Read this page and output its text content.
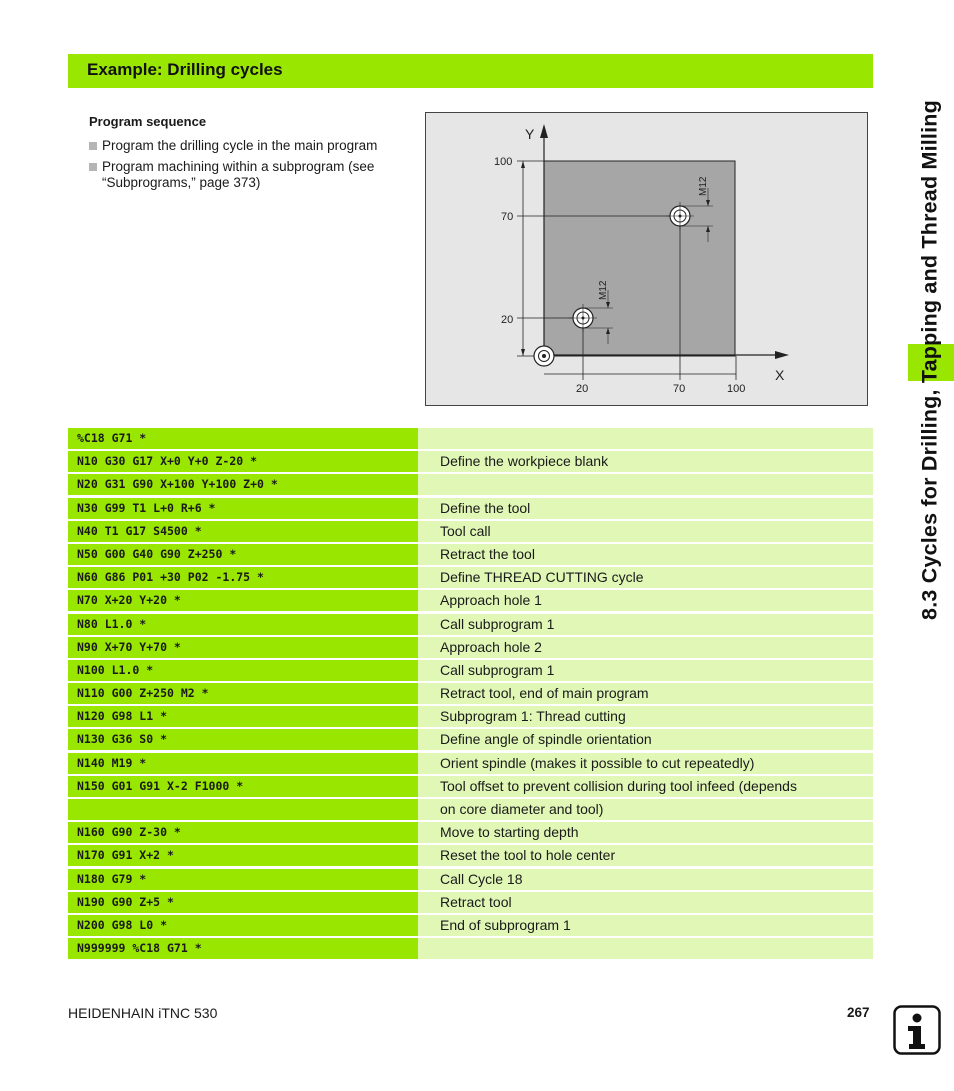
Example: Drilling cycles
Program sequence
Program the drilling cycle in the main program
Program machining within a subprogram (see
“Subprograms,” page 373)
Y
X
100
70
20
20	70	100
M12
M12
%C18 G71 *
N10 G30 G17 X+0 Y+0 Z-20 *	Define the workpiece blank
N20 G31 G90 X+100 Y+100 Z+0 *
N30 G99 T1 L+0 R+6 *	Define the tool
N40 T1 G17 S4500 *	Tool call
N50 G00 G40 G90 Z+250 *	Retract the tool
N60 G86 P01 +30 P02 -1.75 *	Define THREAD CUTTING cycle
N70 X+20 Y+20 *	Approach hole 1
N80 L1.0 *	Call subprogram 1
N90 X+70 Y+70 *	Approach hole 2
N100 L1.0 *	Call subprogram 1
N110 G00 Z+250 M2 *	Retract tool, end of main program
N120 G98 L1 *	Subprogram 1: Thread cutting
N130 G36 S0 *	Define angle of spindle orientation
N140 M19 *	Orient spindle (makes it possible to cut repeatedly)
N150 G01 G91 X-2 F1000 *	Tool offset to prevent collision during tool infeed (depends
on core diameter and tool)
N160 G90 Z-30 *	Move to starting depth
N170 G91 X+2 *	Reset the tool to hole center
N180 G79 *	Call Cycle 18
N190 G90 Z+5 *	Retract tool
N200 G98 L0 *	End of subprogram 1
N999999 %C18 G71 *
8.3 Cycles for Drilling, Tapping and Thread Milling
HEIDENHAIN iTNC 530	267
